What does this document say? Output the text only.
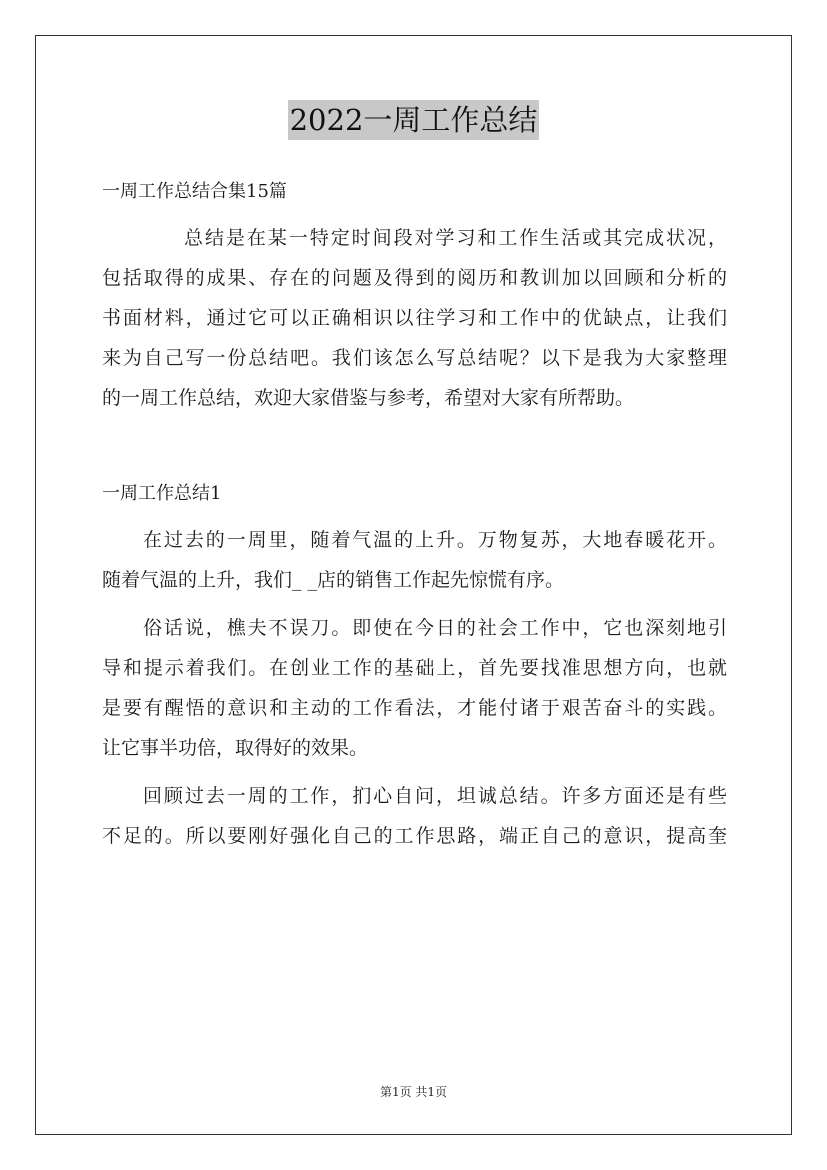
2022一周工作总结
一周工作总结合集15篇
总结是在某一特定时间段对学习和工作生活或其完成状况，
包括取得的成果、存在的问题及得到的阅历和教训加以回顾和分析的
书面材料，通过它可以正确相识以往学习和工作中的优缺点，让我们
来为自己写一份总结吧。我们该怎么写总结呢？以下是我为大家整理
的一周工作总结，欢迎大家借鉴与参考，希望对大家有所帮助。
一周工作总结1
在过去的一周里，随着气温的上升。万物复苏，大地春暖花开。
随着气温的上升，我们_ _店的销售工作起先惊慌有序。
俗话说，樵夫不误刀。即使在今日的社会工作中，它也深刻地引
导和提示着我们。在创业工作的基础上，首先要找准思想方向，也就
是要有醒悟的意识和主动的工作看法，才能付诸于艰苦奋斗的实践。
让它事半功倍，取得好的效果。
回顾过去一周的工作，扪心自问，坦诚总结。许多方面还是有些
不足的。所以要刚好强化自己的工作思路，端正自己的意识，提高奎
第1页 共1页
